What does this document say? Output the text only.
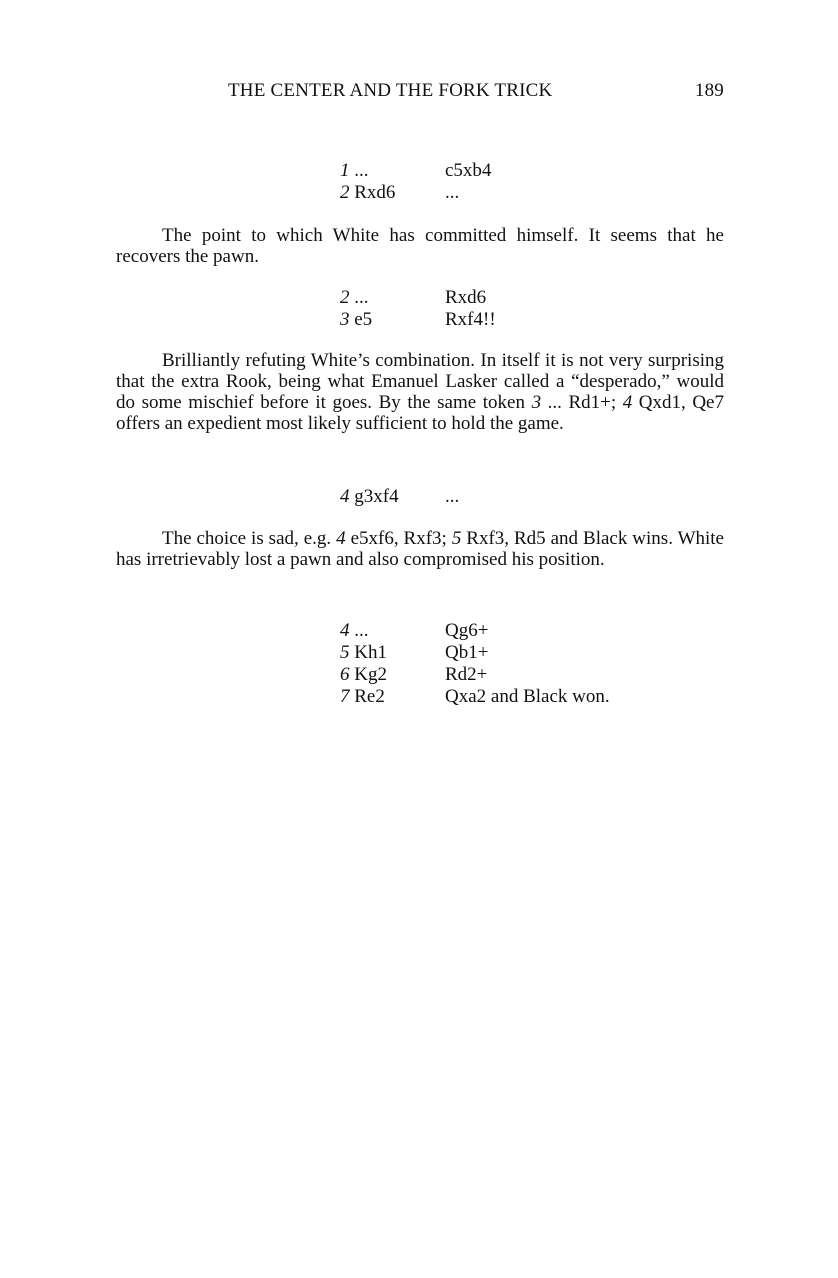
THE CENTER AND THE FORK TRICK	189
1 ...	c5xb4
2 Rxd6	...

The point to which White has committed himself. It seems that he recovers the pawn.

2 ...	Rxd6
3 e5	Rxf4!!

Brilliantly refuting White’s combination. In itself it is not very surprising that the extra Rook, being what Emanuel Lasker called a “desperado,” would do some mischief before it goes. By the same token 3 ... Rd1+; 4 Qxd1, Qe7 offers an expedient most likely sufficient to hold the game.

4 g3xf4	...

The choice is sad, e.g. 4 e5xf6, Rxf3; 5 Rxf3, Rd5 and Black wins. White has irretrievably lost a pawn and also compromised his position.

4 ...	Qg6+
5 Kh1	Qb1+
6 Kg2	Rd2+
7 Re2	Qxa2 and Black won.
